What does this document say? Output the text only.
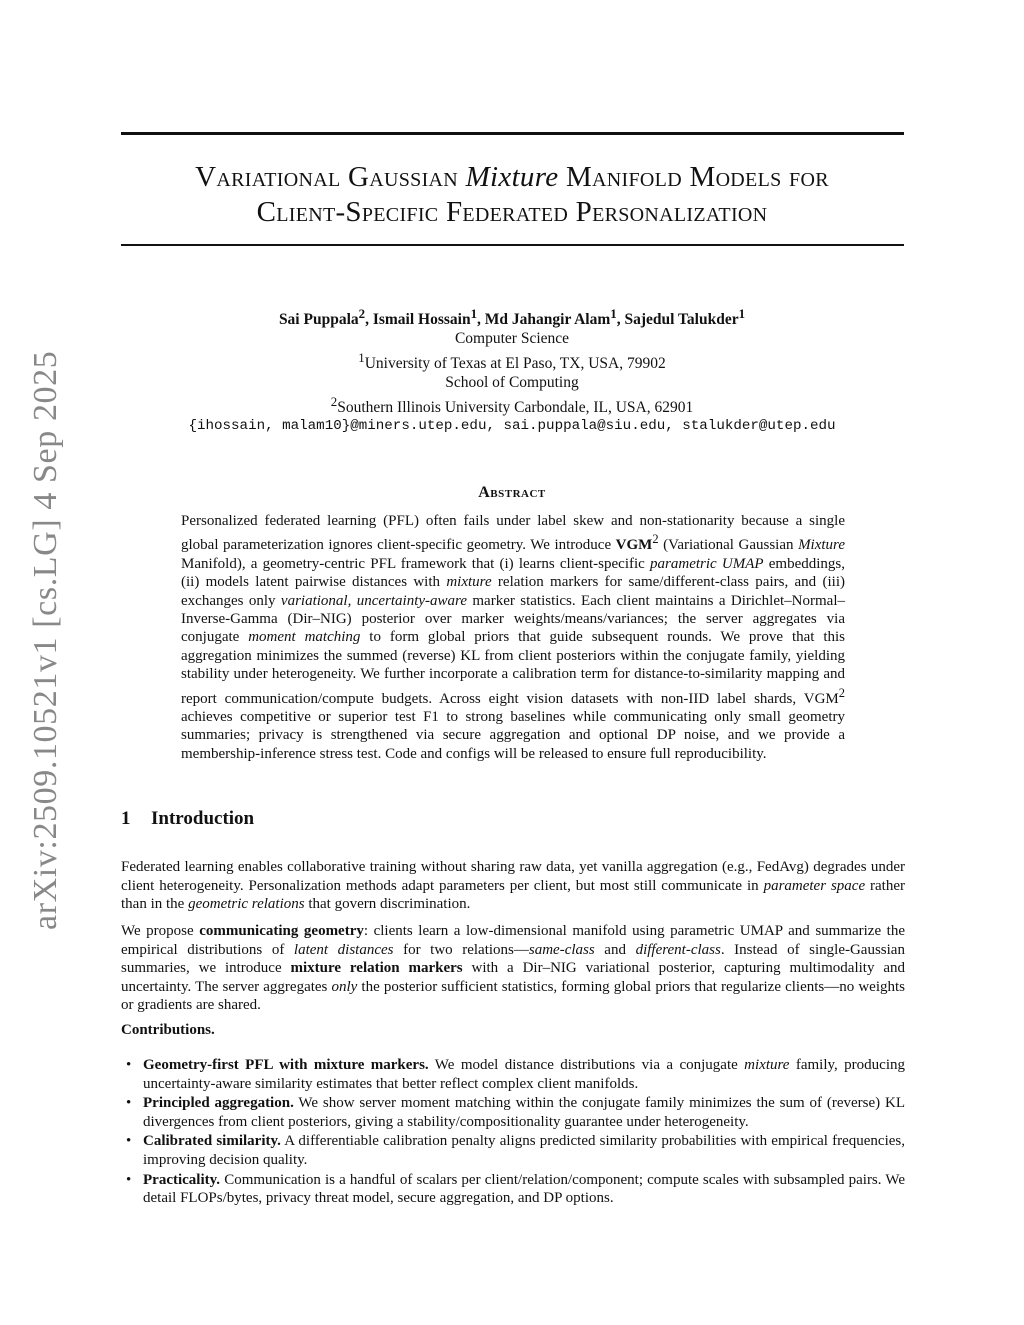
arXiv:2509.10521v1 [cs.LG] 4 Sep 2025
Variational Gaussian Mixture Manifold Models for
Client-Specific Federated Personalization
Sai Puppala$^2$, Ismail Hossain$^1$, Md Jahangir Alam$^1$, Sajedul Talukder$^1$
Computer Science
$^1$University of Texas at El Paso, TX, USA, 79902
School of Computing
$^2$Southern Illinois University Carbondale, IL, USA, 62901
{ihossain, malam10}@miners.utep.edu, sai.puppala@siu.edu, stalukder@utep.edu
Abstract
Personalized federated learning (PFL) often fails under label skew and non-stationarity because a single global parameterization ignores client-specific geometry. We introduce VGM$^2$ (Variational Gaussian Mixture Manifold), a geometry-centric PFL framework that (i) learns client-specific parametric UMAP embeddings, (ii) models latent pairwise distances with mixture relation markers for same/different-class pairs, and (iii) exchanges only variational, uncertainty-aware marker statistics. Each client maintains a Dirichlet–Normal–Inverse-Gamma (Dir–NIG) posterior over marker weights/means/variances; the server aggregates via conjugate moment matching to form global priors that guide subsequent rounds. We prove that this aggregation minimizes the summed (reverse) KL from client posteriors within the conjugate family, yielding stability under heterogeneity. We further incorporate a calibration term for distance-to-similarity mapping and report communication/compute budgets. Across eight vision datasets with non-IID label shards, VGM$^2$ achieves competitive or superior test F1 to strong baselines while communicating only small geometry summaries; privacy is strengthened via secure aggregation and optional DP noise, and we provide a membership-inference stress test. Code and configs will be released to ensure full reproducibility.
1 Introduction
Federated learning enables collaborative training without sharing raw data, yet vanilla aggregation (e.g., FedAvg) degrades under client heterogeneity. Personalization methods adapt parameters per client, but most still communicate in parameter space rather than in the geometric relations that govern discrimination.
We propose communicating geometry: clients learn a low-dimensional manifold using parametric UMAP and summarize the empirical distributions of latent distances for two relations—same-class and different-class. Instead of single-Gaussian summaries, we introduce mixture relation markers with a Dir–NIG variational posterior, capturing multimodality and uncertainty. The server aggregates only the posterior sufficient statistics, forming global priors that regularize clients—no weights or gradients are shared.
Contributions.
• Geometry-first PFL with mixture markers. We model distance distributions via a conjugate mixture family, producing uncertainty-aware similarity estimates that better reflect complex client manifolds.
• Principled aggregation. We show server moment matching within the conjugate family minimizes the sum of (reverse) KL divergences from client posteriors, giving a stability/compositionality guarantee under heterogeneity.
• Calibrated similarity. A differentiable calibration penalty aligns predicted similarity probabilities with empirical frequencies, improving decision quality.
• Practicality. Communication is a handful of scalars per client/relation/component; compute scales with subsampled pairs. We detail FLOPs/bytes, privacy threat model, secure aggregation, and DP options.
